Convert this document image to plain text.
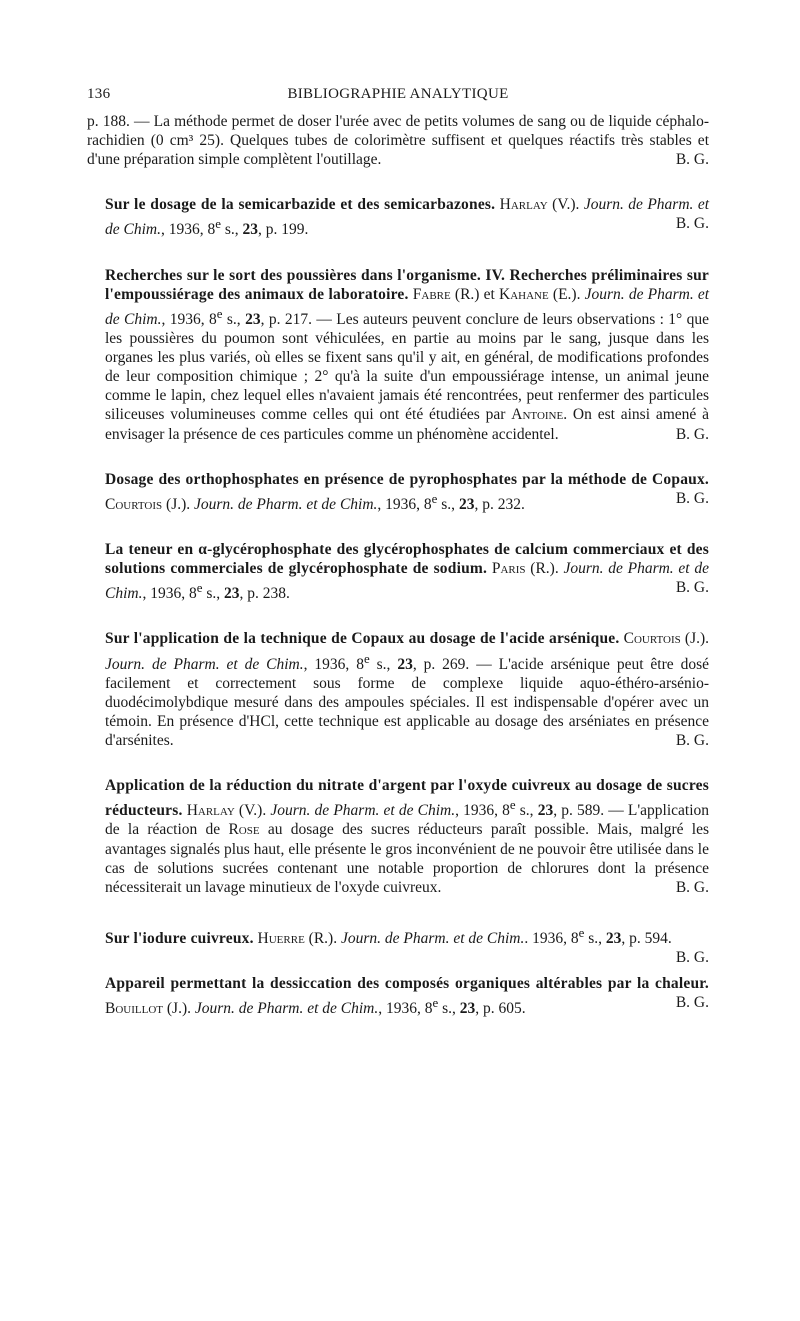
136	BIBLIOGRAPHIE ANALYTIQUE

p. 188. — La méthode permet de doser l'urée avec de petits volumes de sang ou de liquide céphalo-rachidien (0 cm³ 25). Quelques tubes de colorimètre suffisent et quelques réactifs très stables et d'une préparation simple complètent l'outillage.	B. G.

Sur le dosage de la semicarbazide et des semicarbazones. Harlay (V.). Journ. de Pharm. et de Chim., 1936, 8e s., 23, p. 199.	B. G.

Recherches sur le sort des poussières dans l'organisme. IV. Recherches préliminaires sur l'empoussiérage des animaux de laboratoire. Fabre (R.) et Kahane (E.). Journ. de Pharm. et de Chim., 1936, 8e s., 23, p. 217. — Les auteurs peuvent conclure de leurs observations : 1° que les poussières du poumon sont véhiculées, en partie au moins par le sang, jusque dans les organes les plus variés, où elles se fixent sans qu'il y ait, en général, de modifications profondes de leur composition chimique ; 2° qu'à la suite d'un empoussiérage intense, un animal jeune comme le lapin, chez lequel elles n'avaient jamais été rencontrées, peut renfermer des particules siliceuses volumineuses comme celles qui ont été étudiées par Antoine. On est ainsi amené à envisager la présence de ces particules comme un phénomène accidentel.	B. G.

Dosage des orthophosphates en présence de pyrophosphates par la méthode de Copaux. Courtois (J.). Journ. de Pharm. et de Chim., 1936, 8e s., 23, p. 232.	B. G.

La teneur en α-glycérophosphate des glycérophosphates de calcium commerciaux et des solutions commerciales de glycérophosphate de sodium. Paris (R.). Journ. de Pharm. et de Chim., 1936, 8e s., 23, p. 238.	B. G.

Sur l'application de la technique de Copaux au dosage de l'acide arsénique. Courtois (J.). Journ. de Pharm. et de Chim., 1936, 8e s., 23, p. 269. — L'acide arsénique peut être dosé facilement et correctement sous forme de complexe liquide aquo-éthéro-arsénio-duodécimolybdique mesuré dans des ampoules spéciales. Il est indispensable d'opérer avec un témoin. En présence d'HCl, cette technique est applicable au dosage des arséniates en présence d'arsénites.	B. G.

Application de la réduction du nitrate d'argent par l'oxyde cuivreux au dosage de sucres réducteurs. Harlay (V.). Journ. de Pharm. et de Chim., 1936, 8e s., 23, p. 589. — L'application de la réaction de Rose au dosage des sucres réducteurs paraît possible. Mais, malgré les avantages signalés plus haut, elle présente le gros inconvénient de ne pouvoir être utilisée dans le cas de solutions sucrées contenant une notable proportion de chlorures dont la présence nécessiterait un lavage minutieux de l'oxyde cuivreux.	B. G.

Sur l'iodure cuivreux. Huerre (R.). Journ. de Pharm. et de Chim.. 1936, 8e s., 23, p. 594.
B. G.

Appareil permettant la dessiccation des composés organiques altérables par la chaleur. Bouillot (J.). Journ. de Pharm. et de Chim., 1936, 8e s., 23, p. 605.	B. G.
